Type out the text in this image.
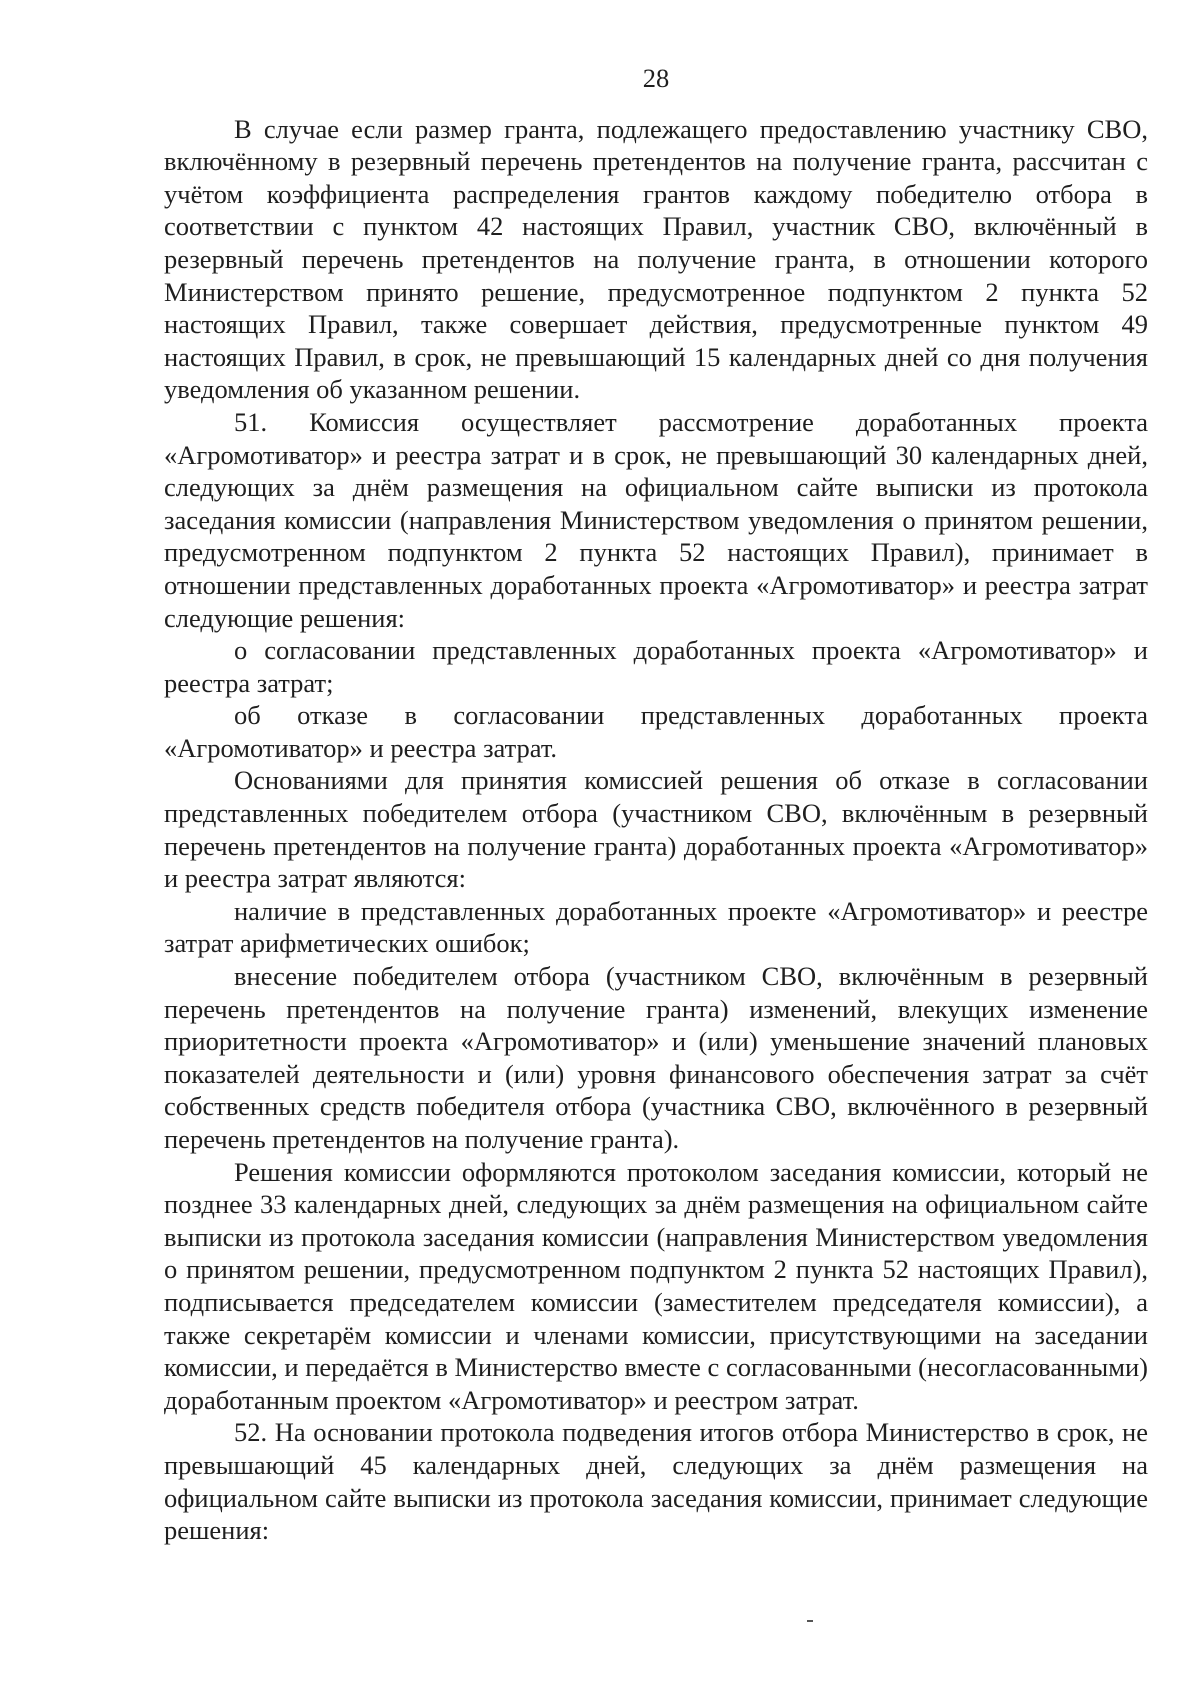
28

В случае если размер гранта, подлежащего предоставлению участнику СВО, включённому в резервный перечень претендентов на получение гранта, рассчитан с учётом коэффициента распределения грантов каждому победителю отбора в соответствии с пунктом 42 настоящих Правил, участник СВО, включённый в резервный перечень претендентов на получение гранта, в отношении которого Министерством принято решение, предусмотренное подпунктом 2 пункта 52 настоящих Правил, также совершает действия, предусмотренные пунктом 49 настоящих Правил, в срок, не превышающий 15 календарных дней со дня получения уведомления об указанном решении.

51. Комиссия осуществляет рассмотрение доработанных проекта «Агромотиватор» и реестра затрат и в срок, не превышающий 30 календарных дней, следующих за днём размещения на официальном сайте выписки из протокола заседания комиссии (направления Министерством уведомления о принятом решении, предусмотренном подпунктом 2 пункта 52 настоящих Правил), принимает в отношении представленных доработанных проекта «Агромотиватор» и реестра затрат следующие решения:

о согласовании представленных доработанных проекта «Агромотиватор» и реестра затрат;

об отказе в согласовании представленных доработанных проекта «Агромотиватор» и реестра затрат.

Основаниями для принятия комиссией решения об отказе в согласовании представленных победителем отбора (участником СВО, включённым в резервный перечень претендентов на получение гранта) доработанных проекта «Агромотиватор» и реестра затрат являются:

наличие в представленных доработанных проекте «Агромотиватор» и реестре затрат арифметических ошибок;

внесение победителем отбора (участником СВО, включённым в резервный перечень претендентов на получение гранта) изменений, влекущих изменение приоритетности проекта «Агромотиватор» и (или) уменьшение значений плановых показателей деятельности и (или) уровня финансового обеспечения затрат за счёт собственных средств победителя отбора (участника СВО, включённого в резервный перечень претендентов на получение гранта).

Решения комиссии оформляются протоколом заседания комиссии, который не позднее 33 календарных дней, следующих за днём размещения на официальном сайте выписки из протокола заседания комиссии (направления Министерством уведомления о принятом решении, предусмотренном подпунктом 2 пункта 52 настоящих Правил), подписывается председателем комиссии (заместителем председателя комиссии), а также секретарём комиссии и членами комиссии, присутствующими на заседании комиссии, и передаётся в Министерство вместе с согласованными (несогласованными) доработанным проектом «Агромотиватор» и реестром затрат.

52. На основании протокола подведения итогов отбора Министерство в срок, не превышающий 45 календарных дней, следующих за днём размещения на официальном сайте выписки из протокола заседания комиссии, принимает следующие решения:
